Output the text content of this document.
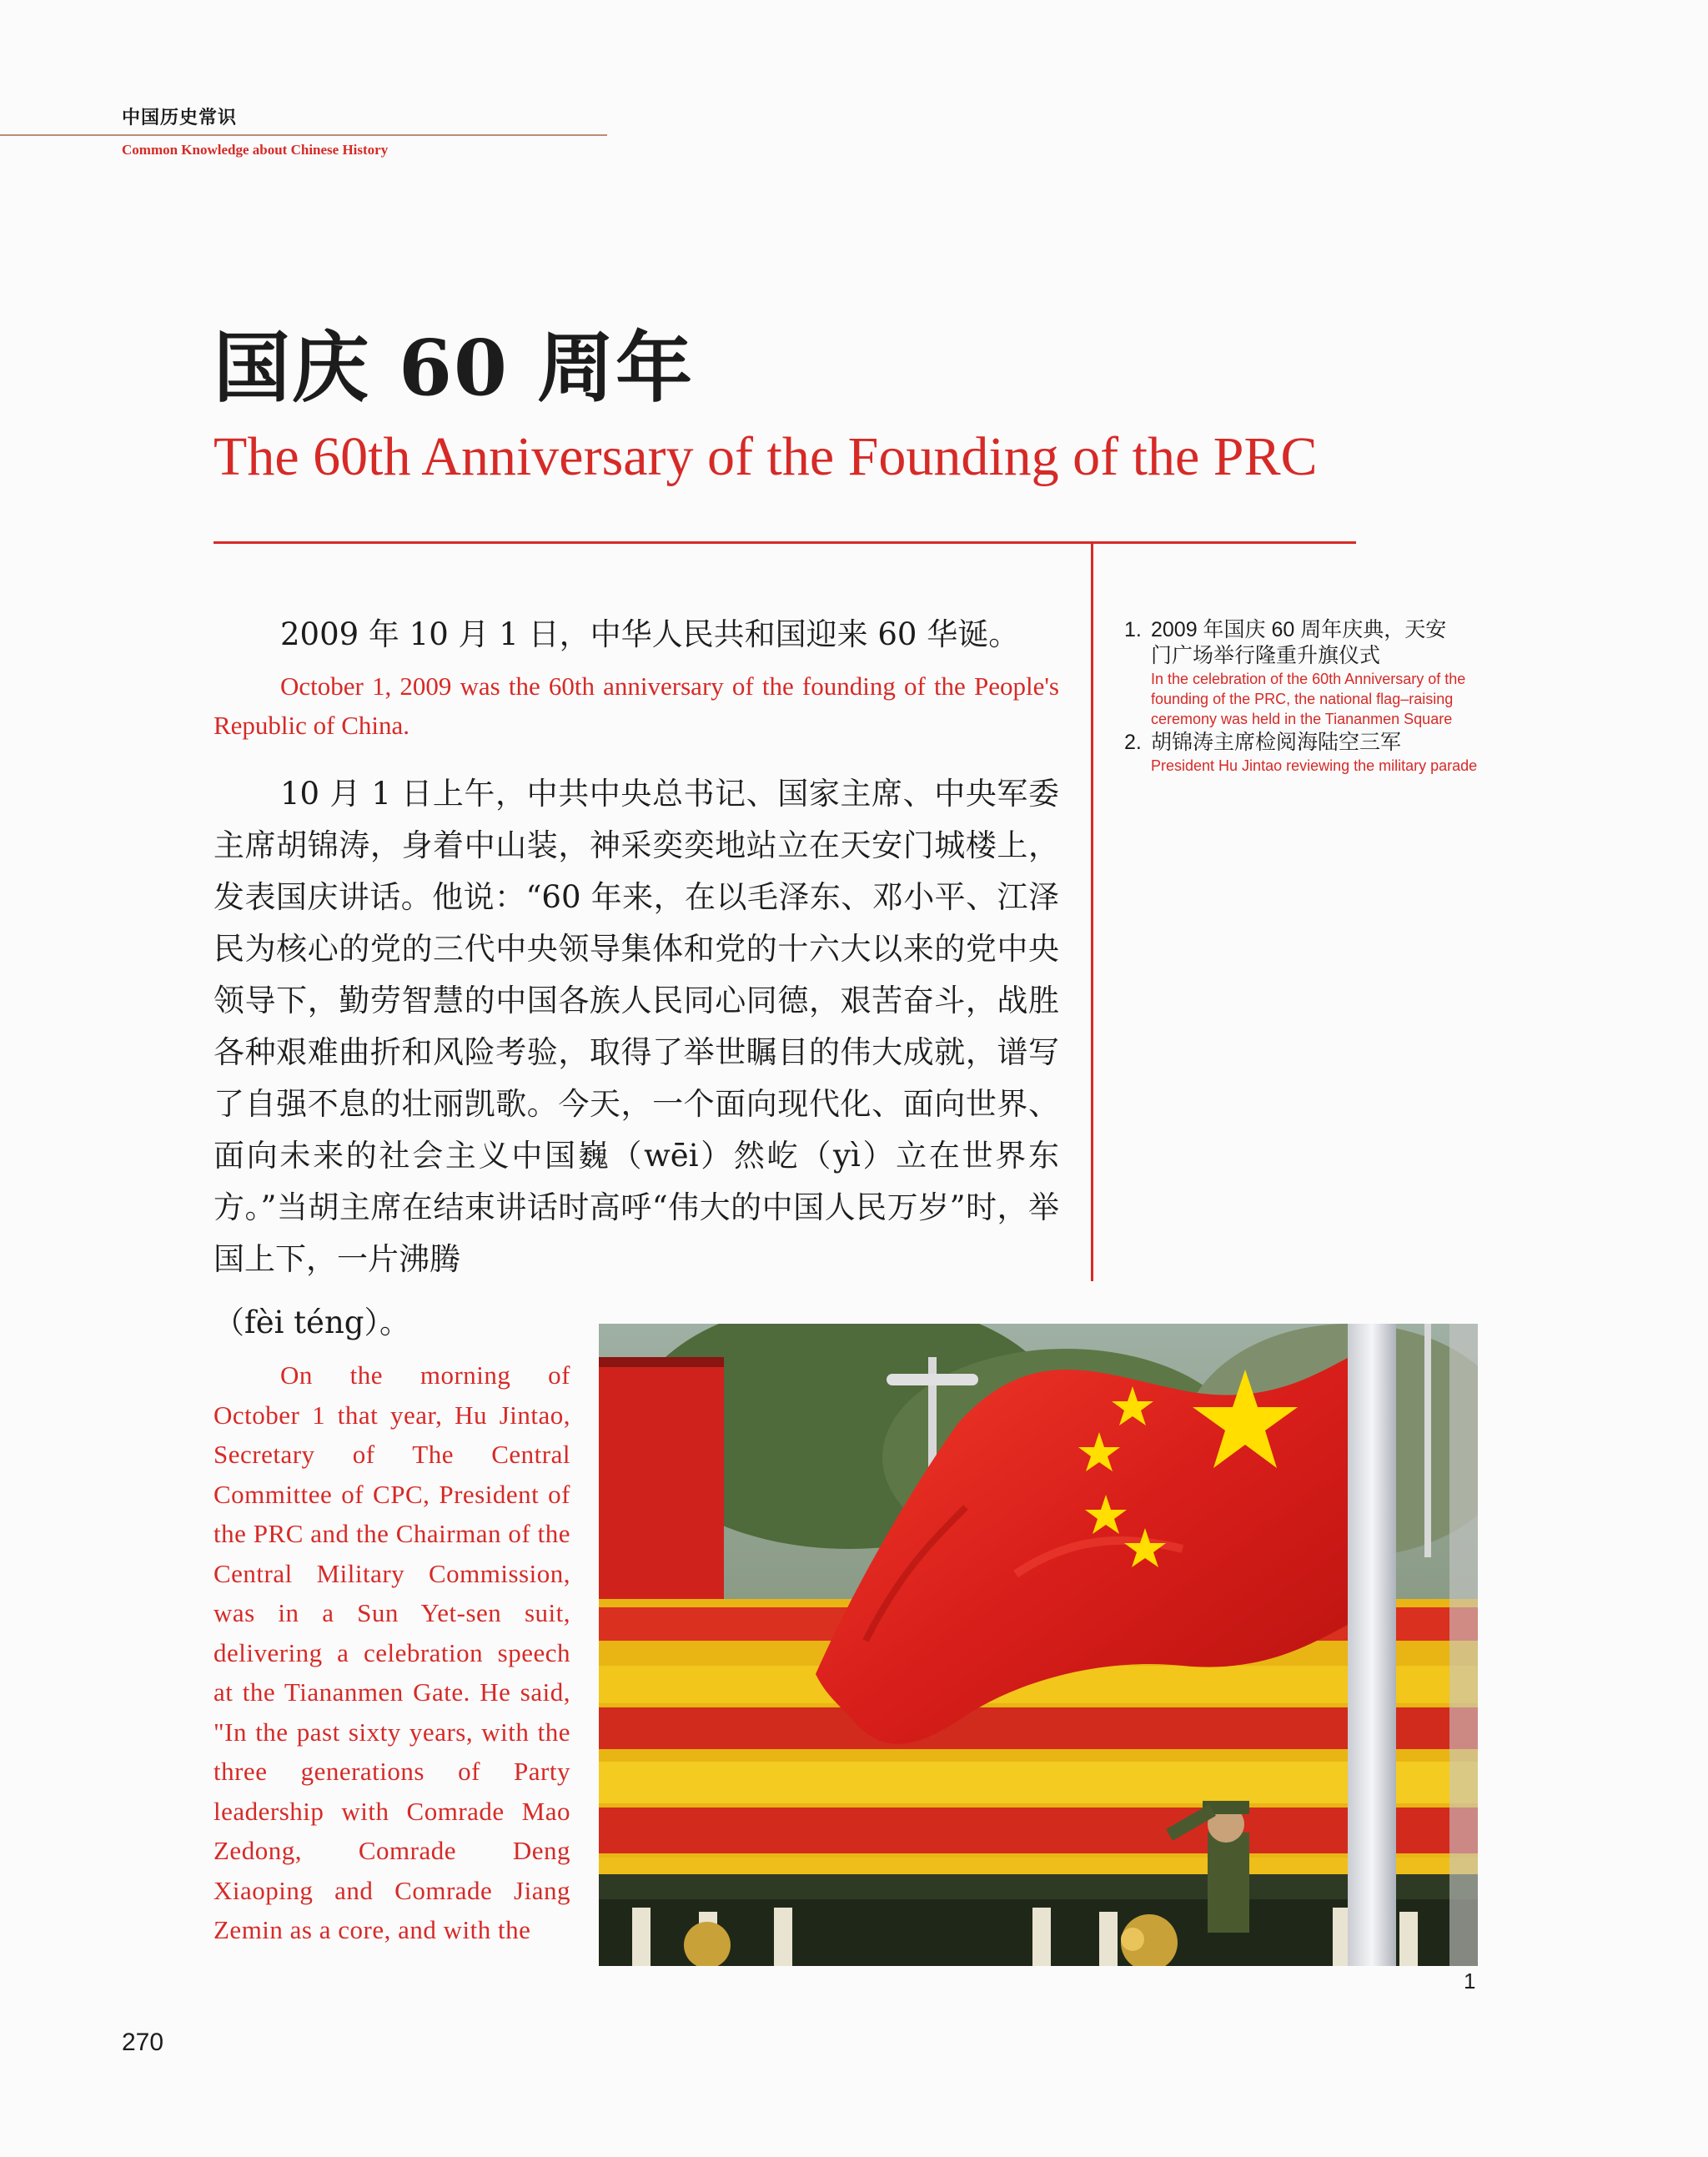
中国历史常识
Common Knowledge about Chinese History
国庆 60 周年
The 60th Anniversary of the Founding of the PRC
2009 年 10 月 1 日，中华人民共和国迎来 60 华诞。
October 1, 2009 was the 60th anniversary of the founding of the People's Republic of China.
10 月 1 日上午，中共中央总书记、国家主席、中央军委主席胡锦涛，身着中山装，神采奕奕地站立在天安门城楼上，发表国庆讲话。他说：“60 年来，在以毛泽东、邓小平、江泽民为核心的党的三代中央领导集体和党的十六大以来的党中央领导下，勤劳智慧的中国各族人民同心同德，艰苦奋斗，战胜各种艰难曲折和风险考验，取得了举世瞩目的伟大成就，谱写了自强不息的壮丽凯歌。今天，一个面向现代化、面向世界、面向未来的社会主义中国巍（wēi）然屹（yì）立在世界东方。”当胡主席在结束讲话时高呼“伟大的中国人民万岁”时，举国上下，一片沸腾
（fèi téng）。
On the morning of October 1 that year, Hu Jintao, Secretary of The Central Committee of CPC, President of the PRC and the Chairman of the Central Military Commission, was in a Sun Yet-sen suit, delivering a celebration speech at the Tiananmen Gate. He said, "In the past sixty years, with the three generations of Party leadership with Comrade Mao Zedong, Comrade Deng Xiaoping and Comrade Jiang Zemin as a core, and with the
1. 2009 年国庆 60 周年庆典，天安
门广场举行隆重升旗仪式
In the celebration of the 60th Anniversary of the founding of the PRC, the national flag–raising ceremony was held in the Tiananmen Square
2. 胡锦涛主席检阅海陆空三军
President Hu Jintao reviewing the military parade
1
270
